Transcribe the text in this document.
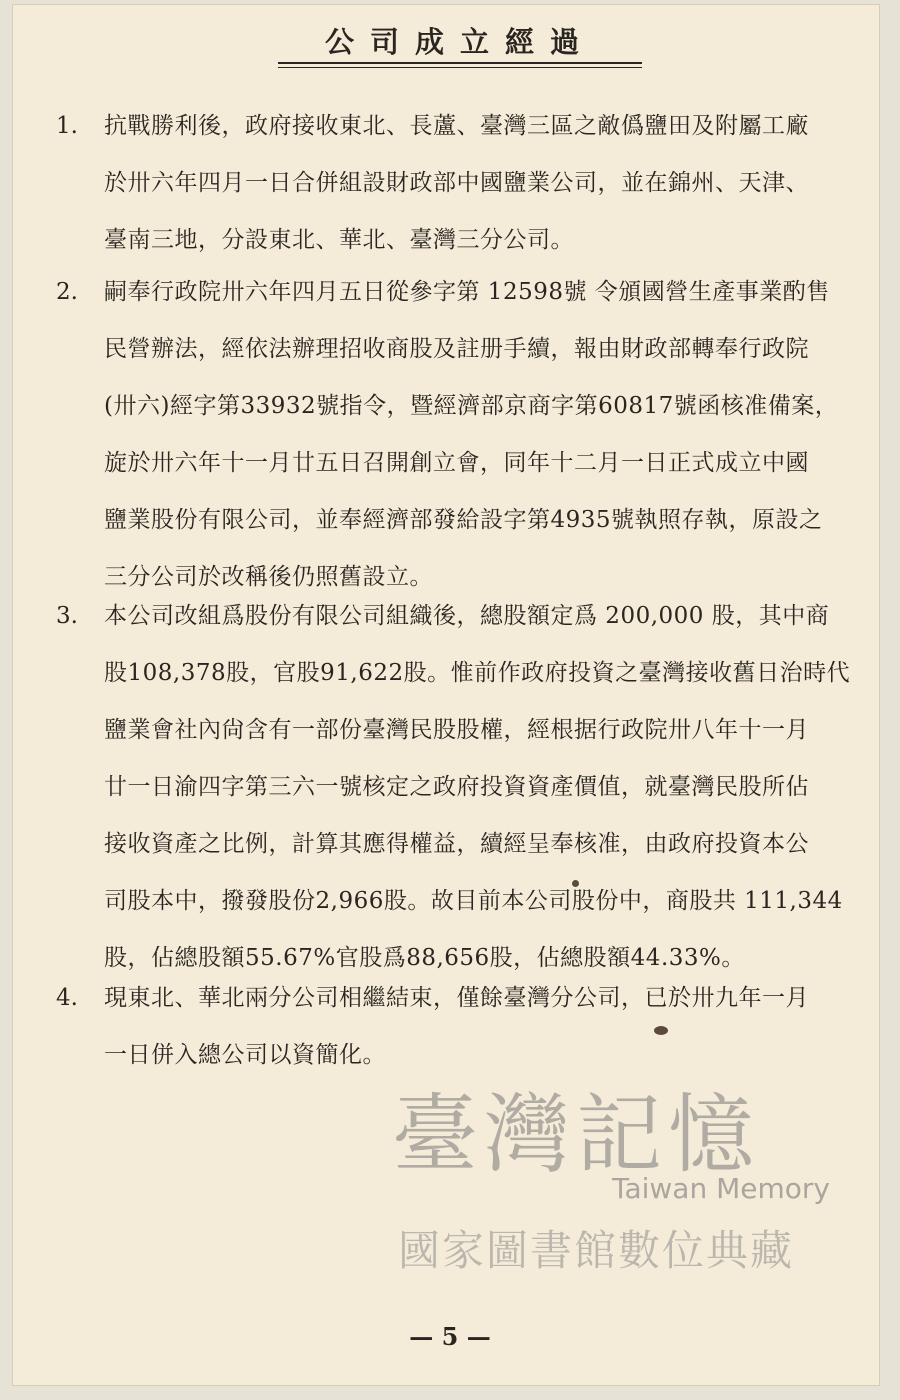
公司成立經過
1.	抗戰勝利後，政府接收東北、長蘆、臺灣三區之敵僞鹽田及附屬工廠
於卅六年四月一日合併組設財政部中國鹽業公司，並在錦州、天津、
臺南三地，分設東北、華北、臺灣三分公司。
2.	嗣奉行政院卅六年四月五日從參字第 12598號 令頒國營生產事業酌售
民營辦法，經依法辦理招收商股及註册手續，報由財政部轉奉行政院
(卅六)經字第33932號指令，暨經濟部京商字第60817號函核准備案，
旋於卅六年十一月廿五日召開創立會，同年十二月一日正式成立中國
鹽業股份有限公司，並奉經濟部發給設字第4935號執照存執，原設之
三分公司於改稱後仍照舊設立。
3.	本公司改組爲股份有限公司組織後，總股額定爲 200,000 股，其中商
股108,378股，官股91,622股。惟前作政府投資之臺灣接收舊日治時代
鹽業會社內尙含有一部份臺灣民股股權，經根据行政院卅八年十一月
廿一日渝四字第三六一號核定之政府投資資產價值，就臺灣民股所佔
接收資產之比例，計算其應得權益，續經呈奉核准，由政府投資本公
司股本中，撥發股份2,966股。故目前本公司股份中，商股共 111,344
股，佔總股額55.67%官股爲88,656股，佔總股額44.33%。
4.	現東北、華北兩分公司相繼結束，僅餘臺灣分公司，已於卅九年一月
一日併入總公司以資簡化。
臺灣記憶
Taiwan Memory
國家圖書館數位典藏
— 5 —
